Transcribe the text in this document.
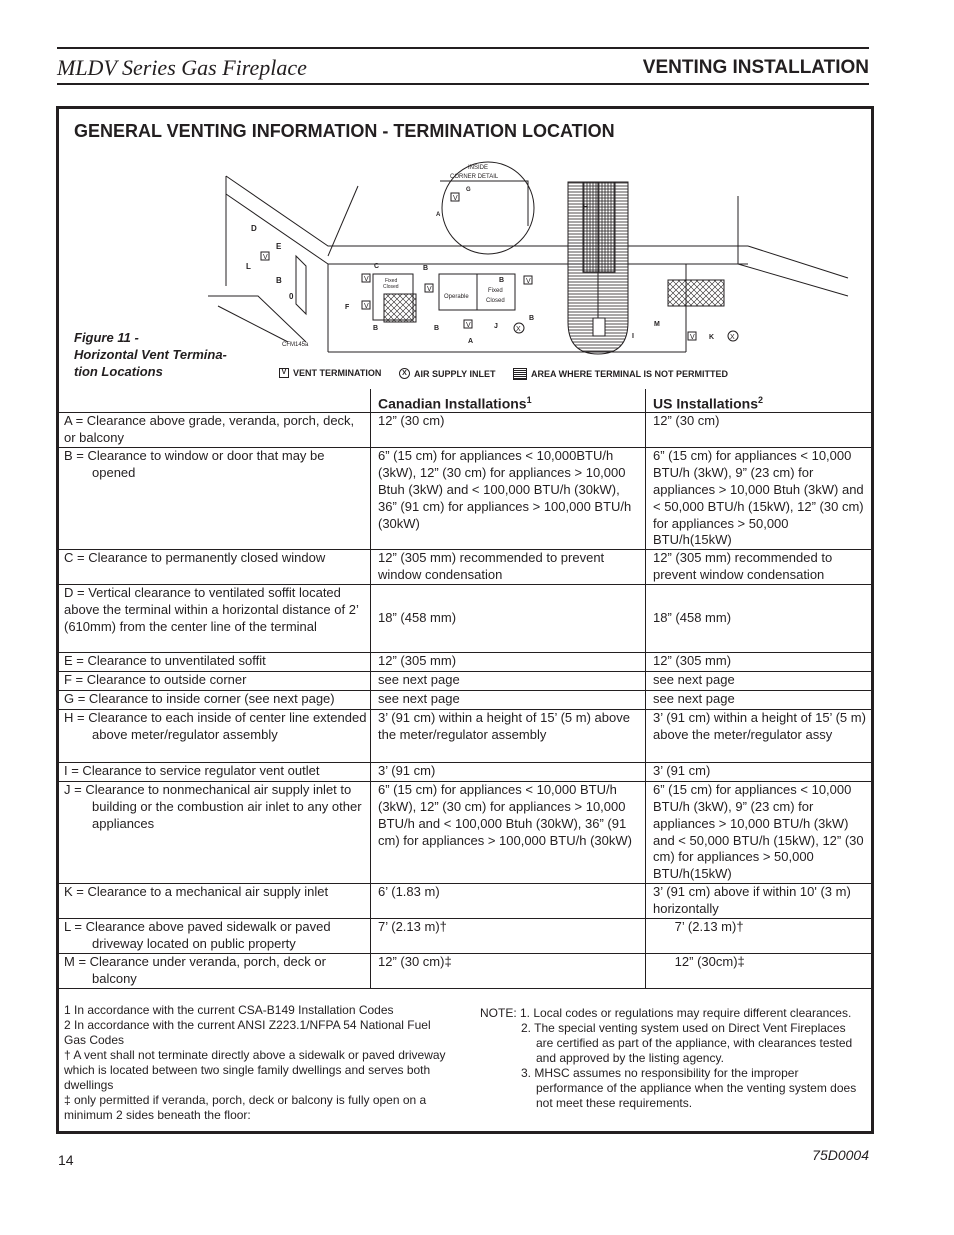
MLDV Series Gas Fireplace	VENTING INSTALLATION
GENERAL VENTING INFORMATION - TERMINATION LOCATION
D
E
L
B
0
V
CFM145a
INSIDE
CORNER DETAIL
V
G
A
Fixed
Closed
Operable
Fixed
Closed
C	B
B
B
F
B	B	J
A
I
M
K
V
V
V
V
V
V
X
X
Figure 11 -
Horizontal Vent Termina-
tion Locations	V VENT TERMINATION	X AIR SUPPLY INLET	AREA WHERE TERMINAL IS NOT PERMITTED
	Canadian Installations$^1$	US Installations$^2$
A = Clearance above grade, veranda, porch, deck, or balcony	12” (30 cm)	12” (30 cm)

B = Clearance to window or door that may be opened	6” (15 cm) for appliances < 10,000BTU/h (3kW), 12” (30 cm) for appliances > 10,000 Btuh (3kW) and < 100,000 BTU/h (30kW), 36” (91 cm) for appliances > 100,000 BTU/h (30kW)	6” (15 cm) for appliances < 10,000 BTU/h (3kW), 9” (23 cm) for appliances > 10,000 Btuh (3kW) and < 50,000 BTU/h (15kW), 12” (30 cm) for appliances > 50,000 BTU/h(15kW)
C = Clearance to permanently closed window	12” (305 mm) recommended to prevent window condensation	12” (305 mm) recommended to prevent window condensation
D = Vertical clearance to ventilated soffit located above the terminal within a horizontal distance of 2’ (610mm) from the center line of the terminal	18” (458 mm)	18” (458 mm)
E = Clearance to unventilated soffit	12” (305 mm)	12” (305 mm)
F = Clearance to outside corner	see next page	see next page
G = Clearance to inside corner (see next page)	see next page	see next page

H = Clearance to each inside of center line extended above meter/regulator assembly	3’ (91 cm) within a height of 15’ (5 m) above the meter/regulator assembly	3’ (91 cm) within a height of 15’ (5 m) above the meter/regulator assy
I = Clearance to service regulator vent outlet	3’ (91 cm)	3’ (91 cm)

J = Clearance to nonmechanical air supply inlet to building or the combustion air inlet to any other appliances	6” (15 cm) for appliances < 10,000 BTU/h (3kW), 12” (30 cm) for appliances > 10,000 BTU/h and < 100,000 Btuh (30kW), 36” (91 cm) for appliances > 100,000 BTU/h (30kW)	6” (15 cm) for appliances < 10,000 BTU/h (3kW), 9” (23 cm) for appliances > 10,000 BTU/h (3kW) and < 50,000 BTU/h (15kW), 12” (30 cm) for appliances > 50,000 BTU/h(15kW)
K = Clearance to a mechanical air supply inlet	6’ (1.83 m)	3’ (91 cm) above if within 10' (3 m) horizontally

L = Clearance above paved sidewalk or paved driveway located on public property	7’ (2.13 m)†	7’ (2.13 m)†

M = Clearance under veranda, porch, deck or balcony	12” (30 cm)‡	12” (30cm)‡
1 In accordance with the current CSA-B149 Installation Codes
2 In accordance with the current ANSI Z223.1/NFPA 54 National Fuel Gas Codes
† A vent shall not terminate directly above a sidewalk or paved driveway which is located between two single family dwellings and serves both dwellings
‡ only permitted if veranda, porch, deck or balcony is fully open on a minimum 2 sides beneath the floor:
NOTE: 1. Local codes or regulations may require different clearances.
2. The special venting system used on Direct Vent Fireplaces are certified as part of the appliance, with clearances tested and approved by the listing agency.
3. MHSC assumes no responsibility for the improper performance of the appliance when the venting system does not meet these requirements.
14	75D0004
